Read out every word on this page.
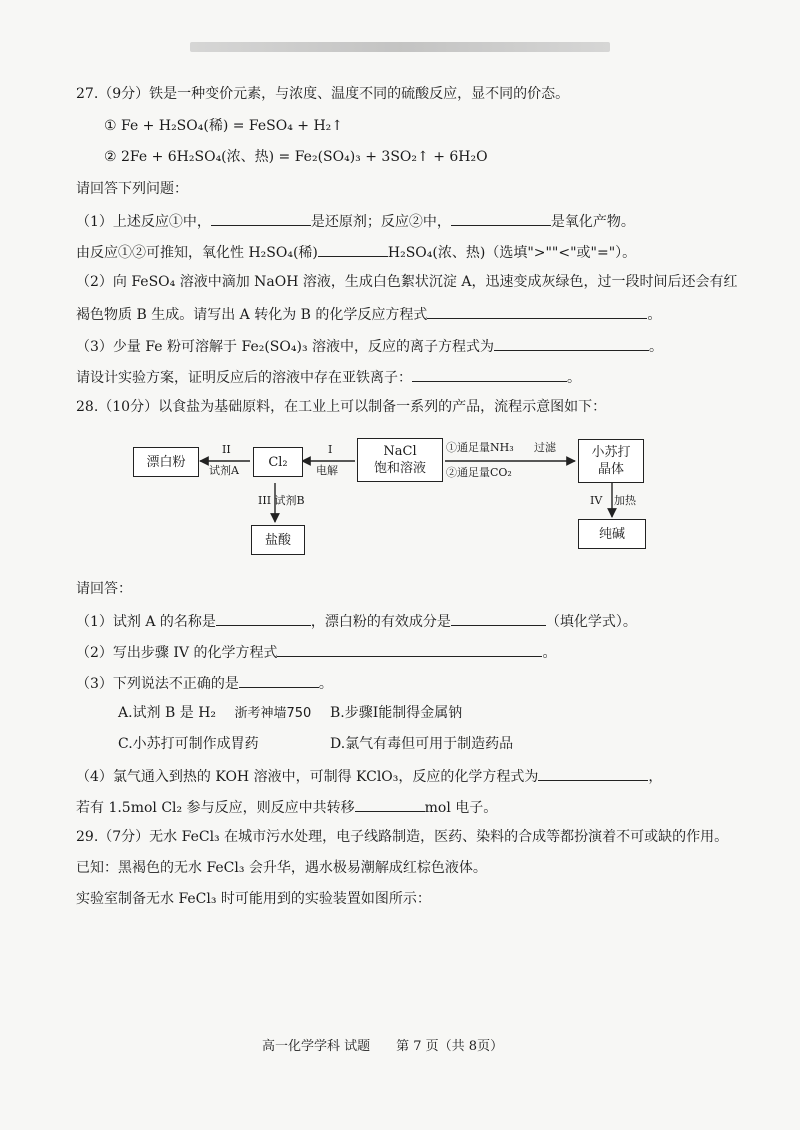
27.（9分）铁是一种变价元素，与浓度、温度不同的硫酸反应，显不同的价态。
① Fe + H₂SO₄(稀) = FeSO₄ + H₂↑
② 2Fe + 6H₂SO₄(浓、热) = Fe₂(SO₄)₃ + 3SO₂↑ + 6H₂O
请回答下列问题：
（1）上述反应①中，	是还原剂；反应②中，	是氧化产物。
由反应①②可推知，氧化性 H₂SO₄(稀)	H₂SO₄(浓、热)（选填">""<"或"="）。
（2）向 FeSO₄ 溶液中滴加 NaOH 溶液，生成白色絮状沉淀 A，迅速变成灰绿色，过一段时间后还会有红
褐色物质 B 生成。请写出 A 转化为 B 的化学反应方程式	。
（3）少量 Fe 粉可溶解于 Fe₂(SO₄)₃ 溶液中，反应的离子方程式为	。
请设计实验方案，证明反应后的溶液中存在亚铁离子：	。
28.（10分）以食盐为基础原料，在工业上可以制备一系列的产品，流程示意图如下：
漂白粉	Cl₂
NaCl
饱和溶液
小苏打
晶体
盐酸	纯碱
II
试剂A
I
电解
III 试剂B
①通足量NH₃
②通足量CO₂
过滤
IV 加热
请回答：
（1）试剂 A 的名称是	，漂白粉的有效成分是	（填化学式）。
（2）写出步骤 IV 的化学方程式	。
（3）下列说法不正确的是	。
A.试剂 B 是 H₂ 浙考神墙750 B.步骤I能制得金属钠
C.小苏打可制作成胃药	D.氯气有毒但可用于制造药品
（4）氯气通入到热的 KOH 溶液中，可制得 KClO₃，反应的化学方程式为	，
若有 1.5mol Cl₂ 参与反应，则反应中共转移	mol 电子。
29.（7分）无水 FeCl₃ 在城市污水处理，电子线路制造，医药、染料的合成等都扮演着不可或缺的作用。
已知：黑褐色的无水 FeCl₃ 会升华，遇水极易潮解成红棕色液体。
实验室制备无水 FeCl₃ 时可能用到的实验装置如图所示：
高一化学学科 试题　　第 7 页（共 8页）
